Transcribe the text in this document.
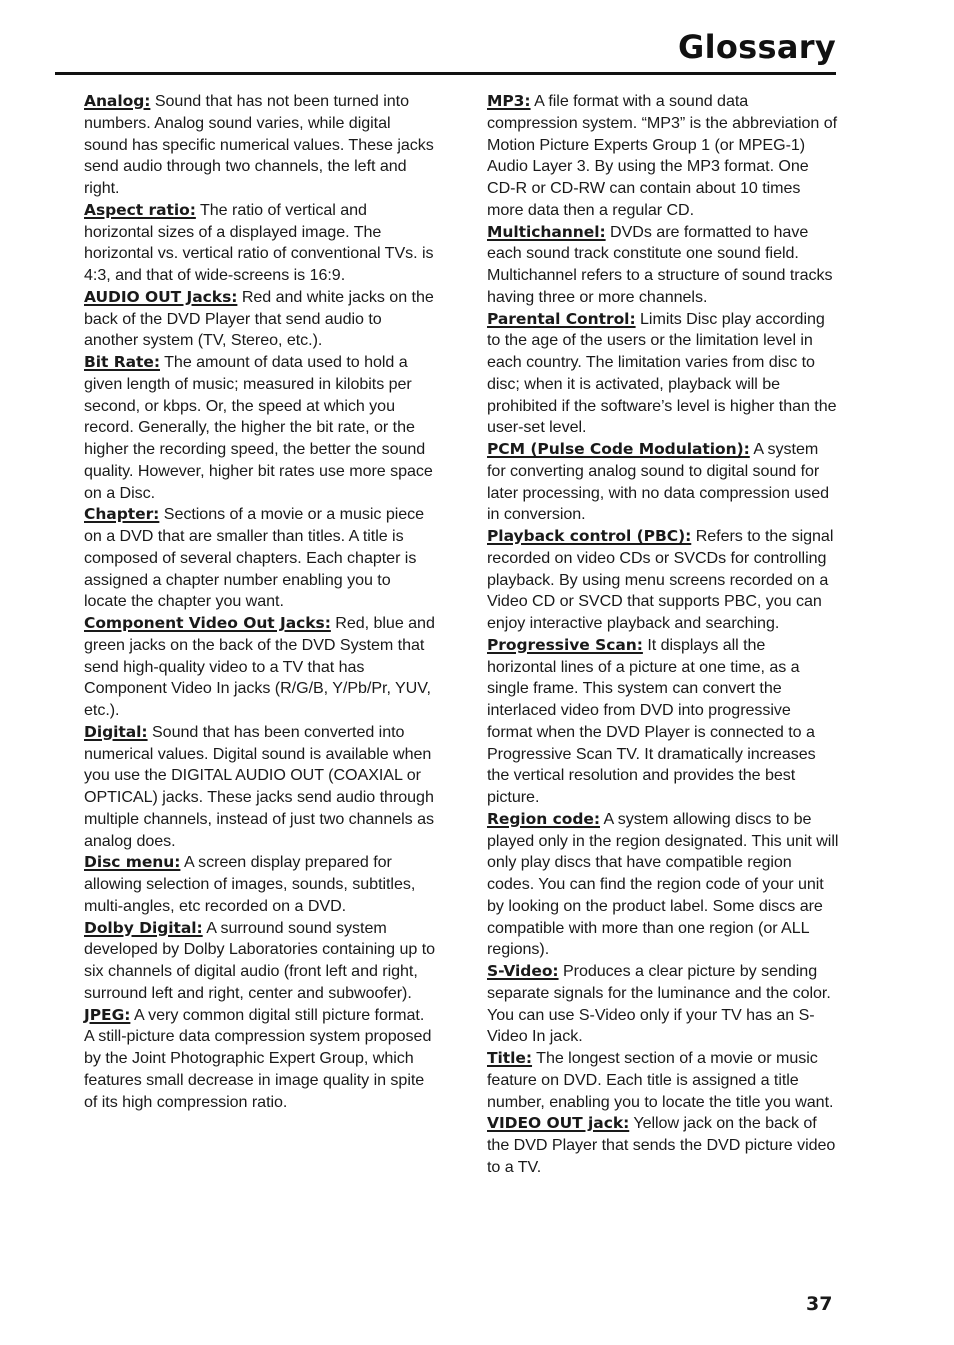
Glossary

Analog: Sound that has not been turned into numbers. Analog sound varies, while digital sound has specific numerical values. These jacks send audio through two channels, the left and right.

Aspect ratio: The ratio of vertical and horizontal sizes of a displayed image. The horizontal vs. vertical ratio of conventional TVs. is 4:3, and that of wide-screens is 16:9.

AUDIO OUT Jacks: Red and white jacks on the back of the DVD Player that send audio to another system (TV, Stereo, etc.).

Bit Rate: The amount of data used to hold a given length of music; measured in kilobits per second, or kbps. Or, the speed at which you record. Generally, the higher the bit rate, or the higher the recording speed, the better the sound quality. However, higher bit rates use more space on a Disc.

Chapter: Sections of a movie or a music piece on a DVD that are smaller than titles. A title is composed of several chapters. Each chapter is assigned a chapter number enabling you to locate the chapter you want.

Component Video Out Jacks: Red, blue and green jacks on the back of the DVD System that send high-quality video to a TV that has Component Video In jacks (R/G/B, Y/Pb/Pr, YUV, etc.).

Digital: Sound that has been converted into numerical values. Digital sound is available when you use the DIGITAL AUDIO OUT (COAXIAL or OPTICAL) jacks. These jacks send audio through multiple channels, instead of just two channels as analog does.

Disc menu: A screen display prepared for allowing selection of images, sounds, subtitles, multi-angles, etc recorded on a DVD.

Dolby Digital: A surround sound system developed by Dolby Laboratories containing up to six channels of digital audio (front left and right, surround left and right, center and subwoofer).

JPEG: A very common digital still picture format. A still-picture data compression system proposed by the Joint Photographic Expert Group, which features small decrease in image quality in spite of its high compression ratio.

MP3: A file format with a sound data compression system. “MP3” is the abbreviation of Motion Picture Experts Group 1 (or MPEG-1) Audio Layer 3. By using the MP3 format. One CD-R or CD-RW can contain about 10 times more data then a regular CD.

Multichannel: DVDs are formatted to have each sound track constitute one sound field. Multichannel refers to a structure of sound tracks having three or more channels.

Parental Control: Limits Disc play according to the age of the users or the limitation level in each country. The limitation varies from disc to disc; when it is activated, playback will be prohibited if the software’s level is higher than the user-set level.

PCM (Pulse Code Modulation): A system for converting analog sound to digital sound for later processing, with no data compression used in conversion.

Playback control (PBC): Refers to the signal recorded on video CDs or SVCDs for controlling playback. By using menu screens recorded on a Video CD or SVCD that supports PBC, you can enjoy interactive playback and searching.

Progressive Scan: It displays all the horizontal lines of a picture at one time, as a single frame. This system can convert the interlaced video from DVD into progressive format when the DVD Player is connected to a Progressive Scan TV. It dramatically increases the vertical resolution and provides the best picture.

Region code: A system allowing discs to be played only in the region designated. This unit will only play discs that have compatible region codes. You can find the region code of your unit by looking on the product label. Some discs are compatible with more than one region (or ALL regions).

S-Video: Produces a clear picture by sending separate signals for the luminance and the color. You can use S-Video only if your TV has an S-Video In jack.

Title: The longest section of a movie or music feature on DVD. Each title is assigned a title number, enabling you to locate the title you want.

VIDEO OUT jack: Yellow jack on the back of the DVD Player that sends the DVD picture video to a TV.

37
